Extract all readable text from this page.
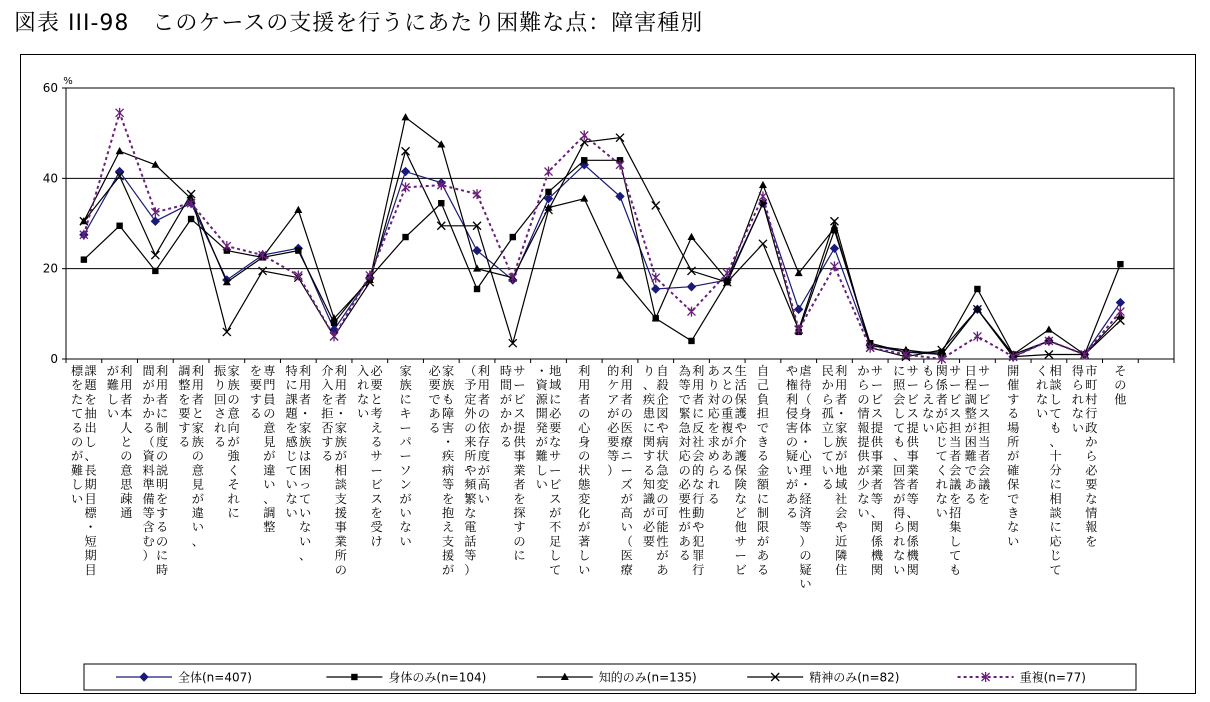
図表 III-98　このケースの支援を行うにあたり困難な点：障害種別
0
20
40
60 %
課題を抽出し、長期目標・短期目
標をたてるのが難しい
利用者本人との意思疎通
が難しい
利用者に制度の説明をするのに時
間がかかる（資料準備等含む）
利用者と家族の意見が違い、
調整を要する
家族の意向が強くそれに
振り回される
専門員の意見が違い、調整
を要する
利用者・家族は困っていない、
特に課題を感じていない
利用者・家族が相談支援事業所の
介入を拒否する
必要と考えるサービスを受け
入れない
家族にキーパーソンがいない
家族も障害・疾病等を抱え支援が
必要である
利用者の依存度が高い
（予定外の来所や頻繁な電話等）
サービス提供事業者を探すのに
時間がかかる
地域に必要なサービスが不足して
・資源開発が難しい
利用者の心身の状態変化が著しい
利用者の医療ニーズが高い（医療
的ケアが必要等）
自殺企図や病状急変の可能性があ
り、疾患に関する知識が必要
利用者に反社会的な行動や犯罪行
為等で緊急対応の必要性がある
生活保護や介護保険など他サービ
スとの重複がある
あり対応を求められる
自己負担できる金額に制限がある
虐待（身体・心理・経済等）の疑い
や権利侵害の疑いがある
利用者・家族が地域社会や近隣住
民から孤立している
サービス提供事業者等、関係機関
からの情報提供が少ない
サービス提供事業者等、関係機関
に照会しても、回答が得られない
サービス担当者会議を招集しても
関係者が応じてくれない
もらえない
サービス担当者会議を
日程調整が困難である
開催する場所が確保できない
相談しても、十分に相談に応じて
くれない
市町村行政から必要な情報を
得られない
その他
全体(n=407)	身体のみ(n=104)	知的のみ(n=135)	精神のみ(n=82)	重複(n=77)
